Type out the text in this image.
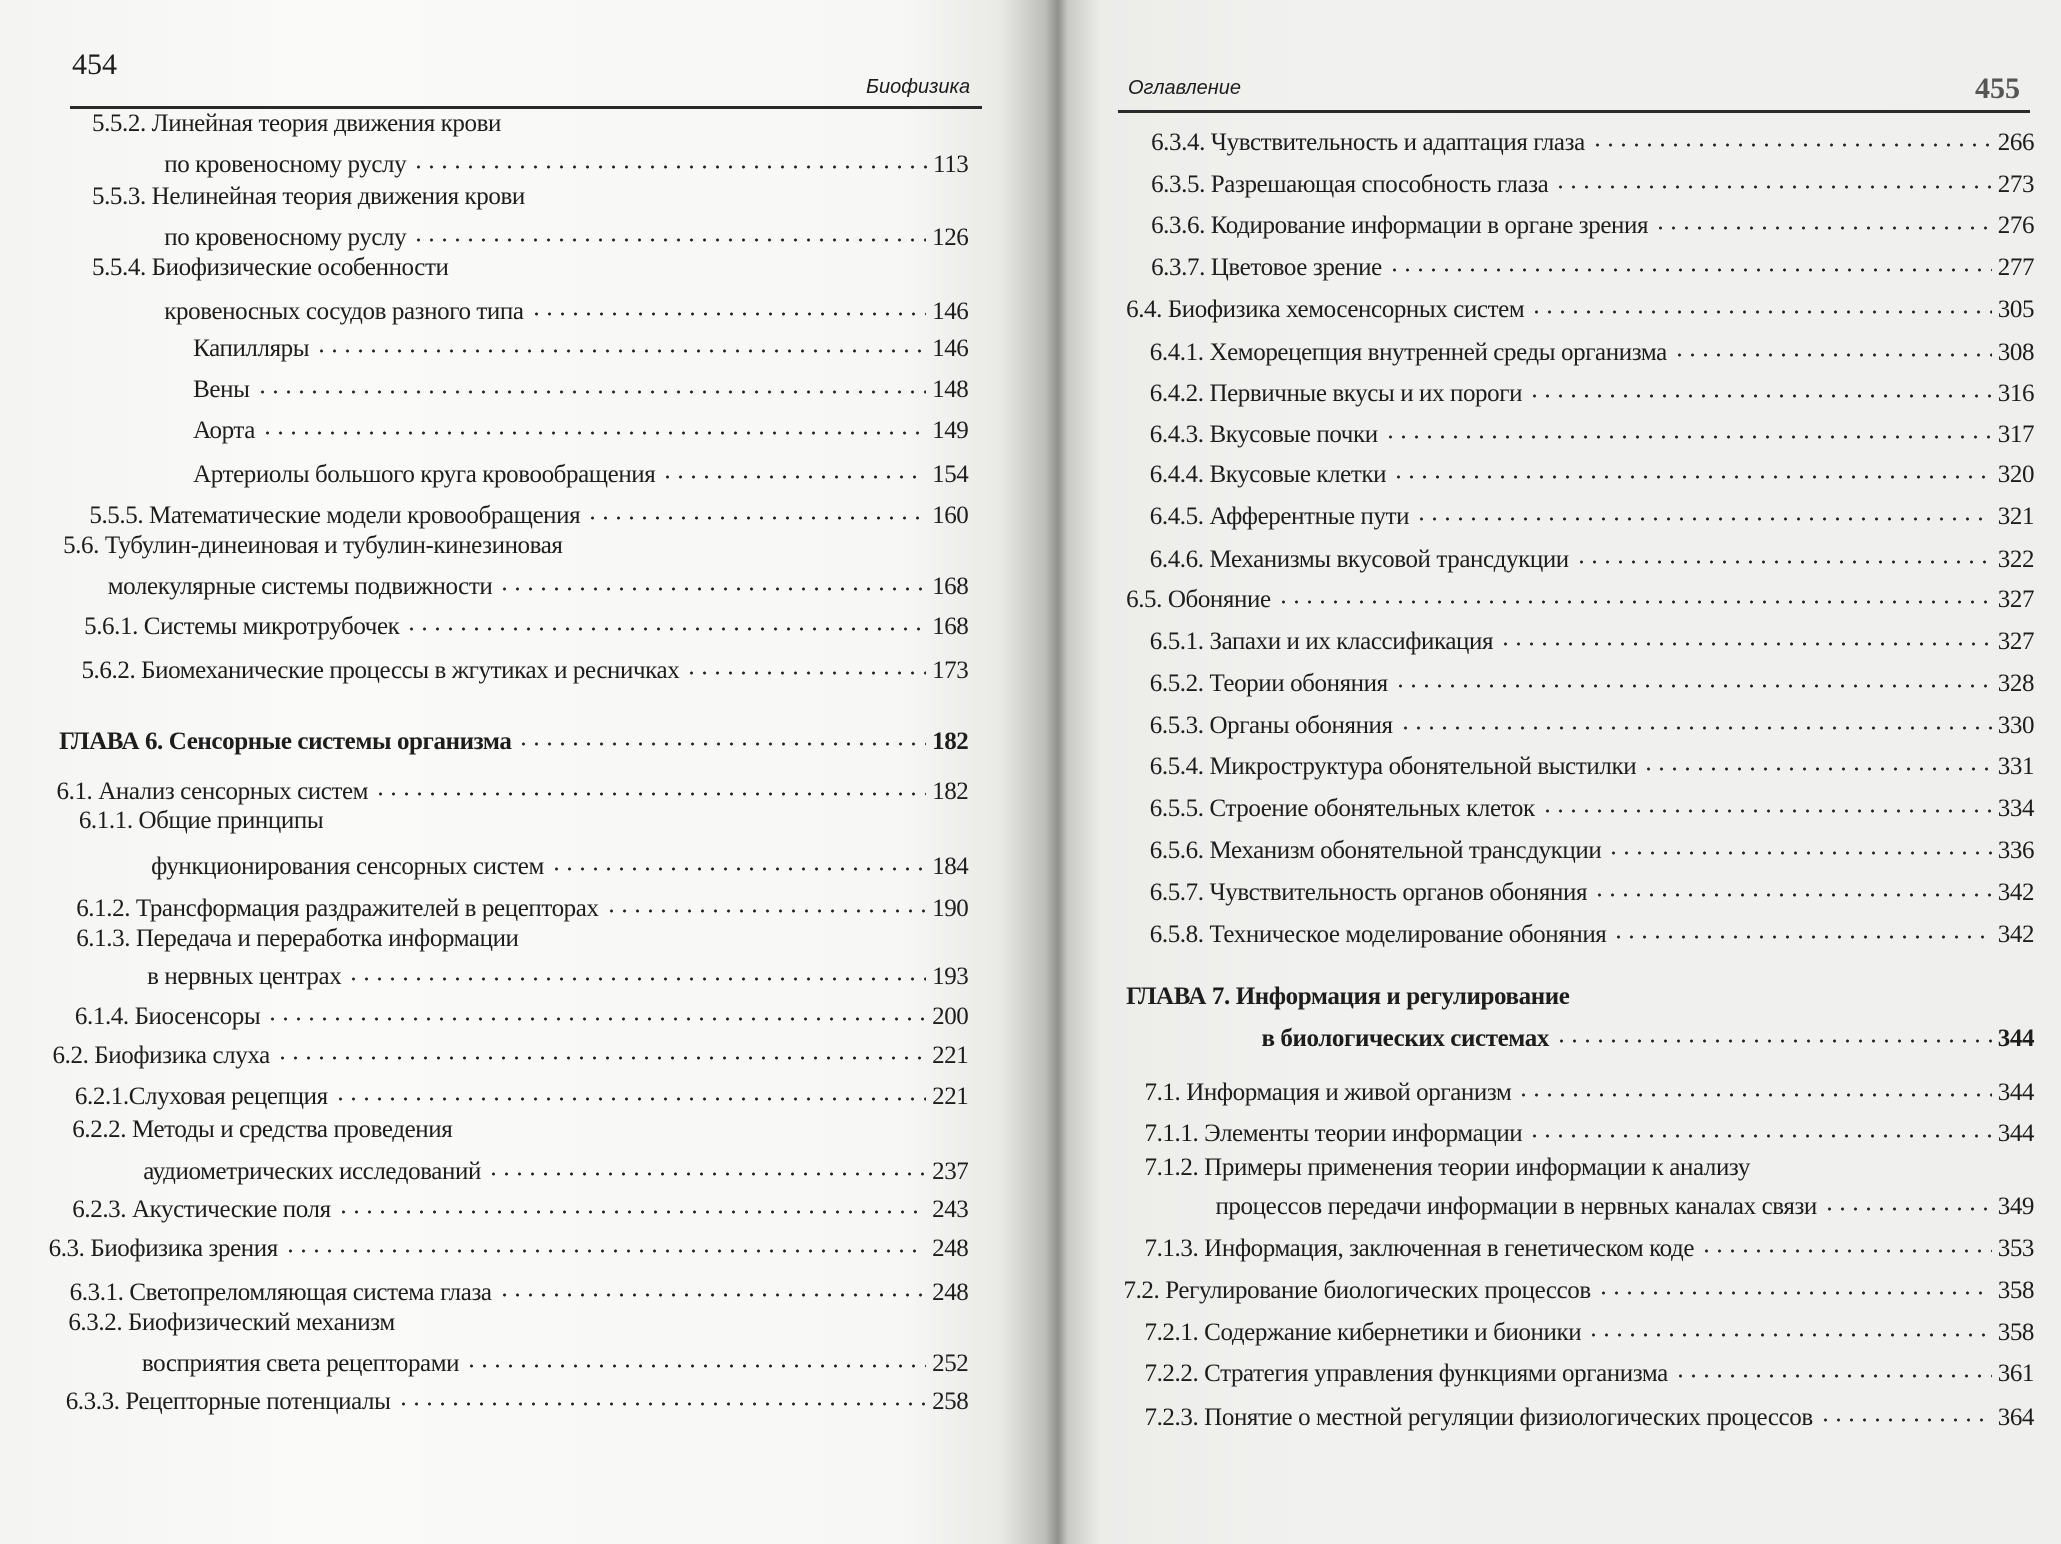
454
Биофизика
5.5.2. Линейная теория движения крови
по кровеносному руслу	113
5.5.3. Нелинейная теория движения крови
по кровеносному руслу	126
5.5.4. Биофизические особенности
кровеносных сосудов разного типа	146
Капилляры	146
Вены	148
Аорта	149
Артериолы большого круга кровообращения	154
5.5.5. Математические модели кровообращения	160
5.6. Тубулин-динеиновая и тубулин-кинезиновая
молекулярные системы подвижности	168
5.6.1. Системы микротрубочек	168
5.6.2. Биомеханические процессы в жгутиках и ресничках	173
ГЛАВА 6. Сенсорные системы организма	182
6.1. Анализ сенсорных систем	182
6.1.1. Общие принципы
функционирования сенсорных систем	184
6.1.2. Трансформация раздражителей в рецепторах	190
6.1.3. Передача и переработка информации
в нервных центрах	193
6.1.4. Биосенсоры	200
6.2. Биофизика слуха	221
6.2.1.Слуховая рецепция	221
6.2.2. Методы и средства проведения
аудиометрических исследований	237
6.2.3. Акустические поля	243
6.3. Биофизика зрения	248
6.3.1. Светопреломляющая система глаза	248
6.3.2. Биофизический механизм
восприятия света рецепторами	252
6.3.3. Рецепторные потенциалы	258
Оглавление	455
6.3.4. Чувствительность и адаптация глаза	266
6.3.5. Разрешающая способность глаза	273
6.3.6. Кодирование информации в органе зрения	276
6.3.7. Цветовое зрение	277
6.4. Биофизика хемосенсорных систем	305
6.4.1. Хеморецепция внутренней среды организма	308
6.4.2. Первичные вкусы и их пороги	316
6.4.3. Вкусовые почки	317
6.4.4. Вкусовые клетки	320
6.4.5. Афферентные пути	321
6.4.6. Механизмы вкусовой трансдукции	322
6.5. Обоняние	327
6.5.1. Запахи и их классификация	327
6.5.2. Теории обоняния	328
6.5.3. Органы обоняния	330
6.5.4. Микроструктура обонятельной выстилки	331
6.5.5. Строение обонятельных клеток	334
6.5.6. Механизм обонятельной трансдукции	336
6.5.7. Чувствительность органов обоняния	342
6.5.8. Техническое моделирование обоняния	342
ГЛАВА 7. Информация и регулирование
в биологических системах	344
7.1. Информация и живой организм	344
7.1.1. Элементы теории информации	344
7.1.2. Примеры применения теории информации к анализу
процессов передачи информации в нервных каналах связи	349
7.1.3. Информация, заключенная в генетическом коде	353
7.2. Регулирование биологических процессов	358
7.2.1. Содержание кибернетики и бионики	358
7.2.2. Стратегия управления функциями организма	361
7.2.3. Понятие о местной регуляции физиологических процессов	364
